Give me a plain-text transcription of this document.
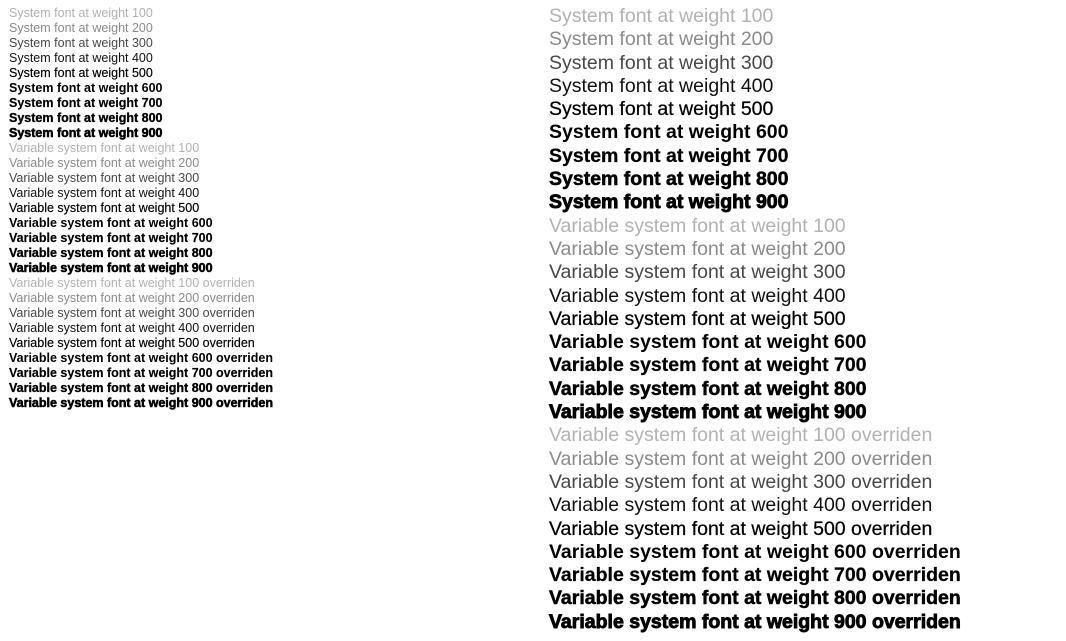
System font at weight 100
System font at weight 200
System font at weight 300
System font at weight 400
System font at weight 500
System font at weight 600
System font at weight 700
System font at weight 800
System font at weight 900
Variable system font at weight 100
Variable system font at weight 200
Variable system font at weight 300
Variable system font at weight 400
Variable system font at weight 500
Variable system font at weight 600
Variable system font at weight 700
Variable system font at weight 800
Variable system font at weight 900
Variable system font at weight 100 overriden
Variable system font at weight 200 overriden
Variable system font at weight 300 overriden
Variable system font at weight 400 overriden
Variable system font at weight 500 overriden
Variable system font at weight 600 overriden
Variable system font at weight 700 overriden
Variable system font at weight 800 overriden
Variable system font at weight 900 overriden
System font at weight 100
System font at weight 200
System font at weight 300
System font at weight 400
System font at weight 500
System font at weight 600
System font at weight 700
System font at weight 800
System font at weight 900
Variable system font at weight 100
Variable system font at weight 200
Variable system font at weight 300
Variable system font at weight 400
Variable system font at weight 500
Variable system font at weight 600
Variable system font at weight 700
Variable system font at weight 800
Variable system font at weight 900
Variable system font at weight 100 overriden
Variable system font at weight 200 overriden
Variable system font at weight 300 overriden
Variable system font at weight 400 overriden
Variable system font at weight 500 overriden
Variable system font at weight 600 overriden
Variable system font at weight 700 overriden
Variable system font at weight 800 overriden
Variable system font at weight 900 overriden
